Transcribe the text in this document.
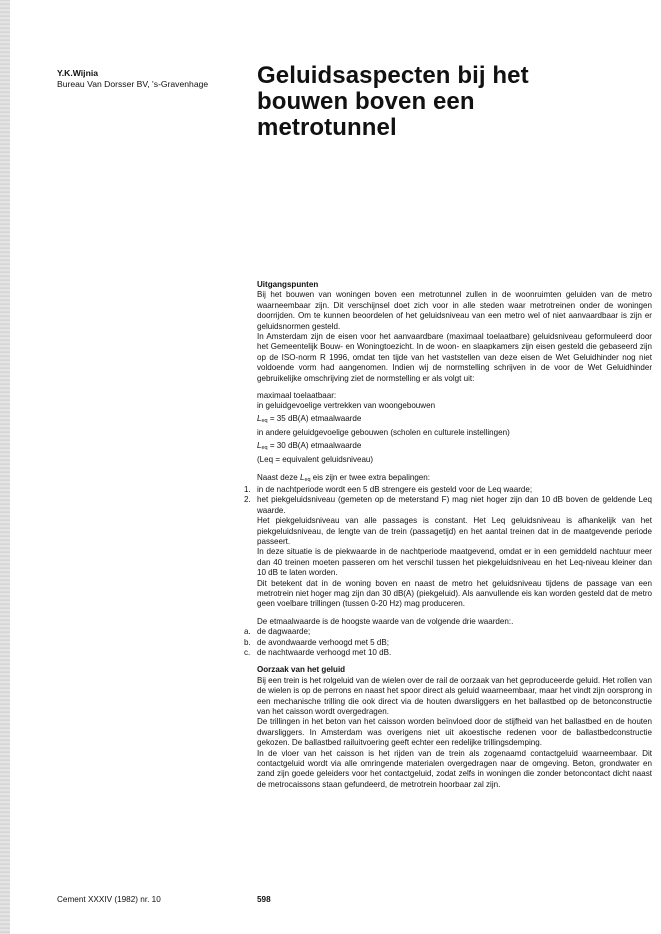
Y.K.Wijnia
Bureau Van Dorsser BV, 's-Gravenhage Geluidsaspecten bij het
bouwen boven een
metrotunnel
Uitgangspunten

Bij het bouwen van woningen boven een metrotunnel zullen in de woonruimten geluiden van de metro waarneembaar zijn. Dit verschijnsel doet zich voor in alle steden waar metrotreinen onder de woningen doorrijden. Om te kunnen beoordelen of het geluidsniveau van een metro wel of niet aanvaardbaar is zijn er geluidsnormen gesteld.

In Amsterdam zijn de eisen voor het aanvaardbare (maximaal toelaatbare) geluidsniveau geformuleerd door het Gemeentelijk Bouw- en Woningtoezicht. In de woon- en slaapkamers zijn eisen gesteld die gebaseerd zijn op de ISO-norm R 1996, omdat ten tijde van het vaststellen van deze eisen de Wet Geluidhinder nog niet voldoende vorm had aangenomen. Indien wij de normstelling schrijven in de voor de Wet Geluidhinder gebruikelijke omschrijving ziet de normstelling er als volgt uit:

maximaal toelaatbaar:
in geluidgevoelige vertrekken van woongebouwen
Leq = 35 dB(A) etmaalwaarde
in andere geluidgevoelige gebouwen (scholen en culturele instellingen)
Leq = 30 dB(A) etmaalwaarde
(Leq = equivalent geluidsniveau)
Naast deze Leq eis zijn er twee extra bepalingen:
1. in de nachtperiode wordt een 5 dB strengere eis gesteld voor de Leq waarde;
2. het piekgeluidsniveau (gemeten op de meterstand F) mag niet hoger zijn dan 10 dB boven de geldende Leq waarde.

Het piekgeluidsniveau van alle passages is constant. Het Leq geluidsniveau is afhankelijk van het piekgeluidsniveau, de lengte van de trein (passagetijd) en het aantal treinen dat in de maatgevende periode passeert.

In deze situatie is de piekwaarde in de nachtperiode maatgevend, omdat er in een gemiddeld nachtuur meer dan 40 treinen moeten passeren om het verschil tussen het piekgeluidsniveau en het Leq-niveau kleiner dan 10 dB te laten worden.

Dit betekent dat in de woning boven en naast de metro het geluidsniveau tijdens de passage van een metrotrein niet hoger mag zijn dan 30 dB(A) (piekgeluid). Als aanvullende eis kan worden gesteld dat de metro geen voelbare trillingen (tussen 0-20 Hz) mag produceren.

De etmaalwaarde is de hoogste waarde van de volgende drie waarden:.
a. de dagwaarde;
b. de avondwaarde verhoogd met 5 dB;
c. de nachtwaarde verhoogd met 10 dB.
Oorzaak van het geluid

Bij een trein is het rolgeluid van de wielen over de rail de oorzaak van het geproduceerde geluid. Het rollen van de wielen is op de perrons en naast het spoor direct als geluid waarneembaar, maar het vindt zijn oorsprong in een mechanische trilling die ook direct via de houten dwarsliggers en het ballastbed op de betonconstructie van het caisson wordt overgedragen.

De trillingen in het beton van het caisson worden beïnvloed door de stijfheid van het ballastbed en de houten dwarsliggers. In Amsterdam was overigens niet uit akoestische redenen voor de ballastbedconstructie gekozen. De ballastbed railuitvoering geeft echter een redelijke trillingsdemping.

In de vloer van het caisson is het rijden van de trein als zogenaamd contactgeluid waarneembaar. Dit contactgeluid wordt via alle omringende materialen overgedragen naar de omgeving. Beton, grondwater en zand zijn goede geleiders voor het contactgeluid, zodat zelfs in woningen die zonder betoncontact dicht naast de metrocaissons staan gefundeerd, de metrotrein hoorbaar zal zijn.

Cement XXXIV (1982) nr. 10	598
